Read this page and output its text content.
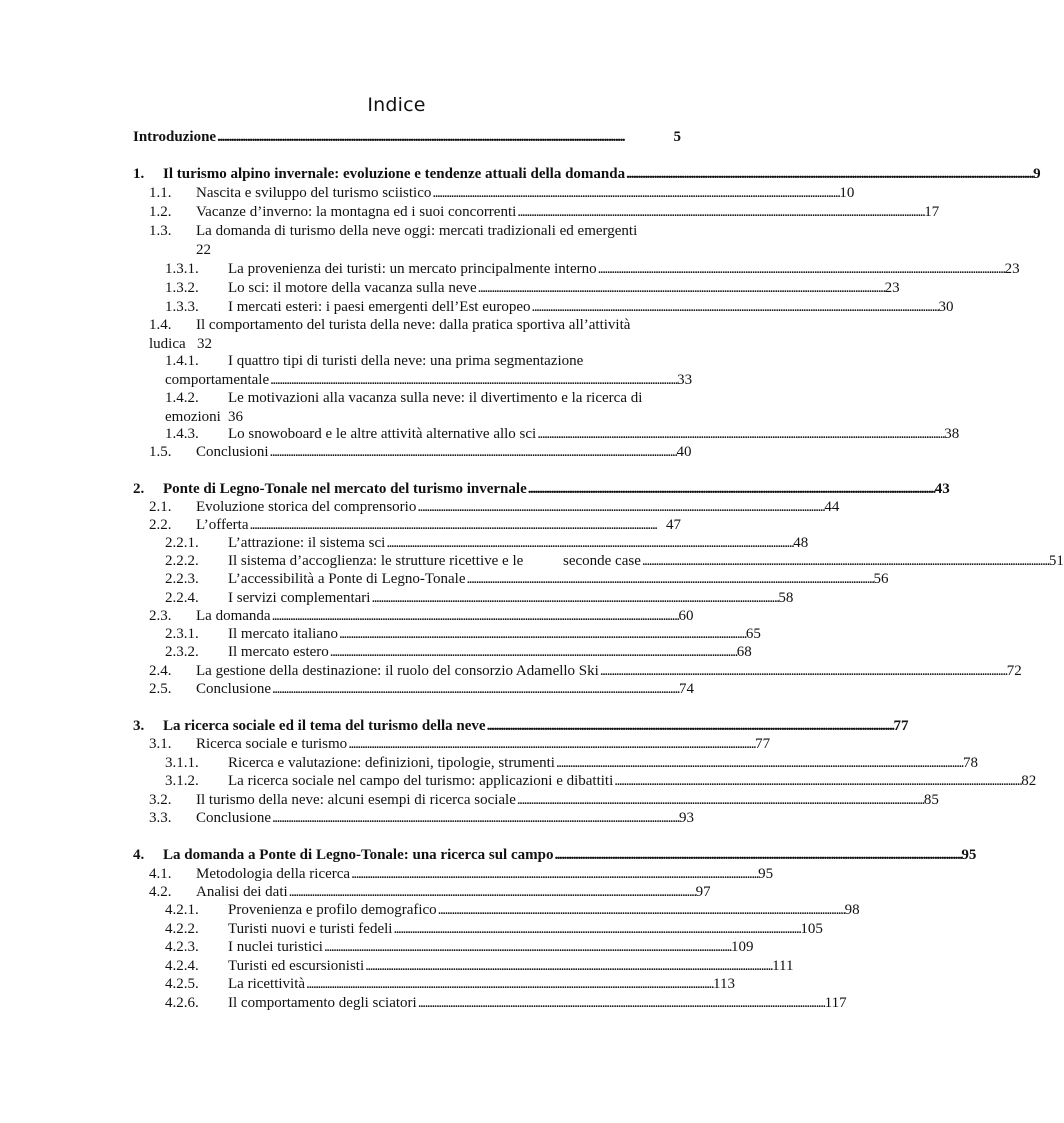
Indice
Introduzione . . .	5
1. Il turismo alpino invernale: evoluzione e tendenze attuali della domanda . . .	9
1.1. Nascita e sviluppo del turismo sciistico . . .	10
1.2. Vacanze d’inverno: la montagna ed i suoi concorrenti . . .	17
1.3. La domanda di turismo della neve oggi: mercati tradizionali ed emergenti
22
1.3.1. La provenienza dei turisti: un mercato principalmente interno . . .	23
1.3.2. Lo sci: il motore della vacanza sulla neve . . .	23
1.3.3. I mercati esteri: i paesi emergenti dell’Est europeo . . .	30
1.4. Il comportamento del turista della neve: dalla pratica sportiva all’attività
ludica 32
1.4.1. I quattro tipi di turisti della neve: una prima segmentazione
comportamentale . . .	33
1.4.2. Le motivazioni alla vacanza sulla neve: il divertimento e la ricerca di
emozioni 36
1.4.3. Lo snowoboard e le altre attività alternative allo sci . . .	38
1.5. Conclusioni . . .	40
2. Ponte di Legno-Tonale nel mercato del turismo invernale . . .	43
2.1. Evoluzione storica del comprensorio . . .	44
2.2. L’offerta . . .	47
2.2.1. L’attrazione: il sistema sci . . .	48
2.2.2. Il sistema d’accoglienza: le strutture ricettive e le	seconde case . . .	51
2.2.3. L’accessibilità a Ponte di Legno-Tonale . . .	56
2.2.4. I servizi complementari . . .	58
2.3. La domanda . . .	60
2.3.1. Il mercato italiano . . .	65
2.3.2. Il mercato estero . . .	68
2.4. La gestione della destinazione: il ruolo del consorzio Adamello Ski . . .	72
2.5. Conclusione . . .	74
3. La ricerca sociale ed il tema del turismo della neve . . .	77
3.1. Ricerca sociale e turismo . . .	77
3.1.1. Ricerca e valutazione: definizioni, tipologie, strumenti . . .	78
3.1.2. La ricerca sociale nel campo del turismo: applicazioni e dibattiti . . .	82
3.2. Il turismo della neve: alcuni esempi di ricerca sociale . . .	85
3.3. Conclusione . . .	93
4. La domanda a Ponte di Legno-Tonale: una ricerca sul campo . . .	95
4.1. Metodologia della ricerca . . .	95
4.2. Analisi dei dati . . .	97
4.2.1. Provenienza e profilo demografico . . .	98
4.2.2. Turisti nuovi e turisti fedeli . . .	105
4.2.3. I nuclei turistici . . .	109
4.2.4. Turisti ed escursionisti . . .	111
4.2.5. La ricettività . . .	113
4.2.6. Il comportamento degli sciatori . . .	117
